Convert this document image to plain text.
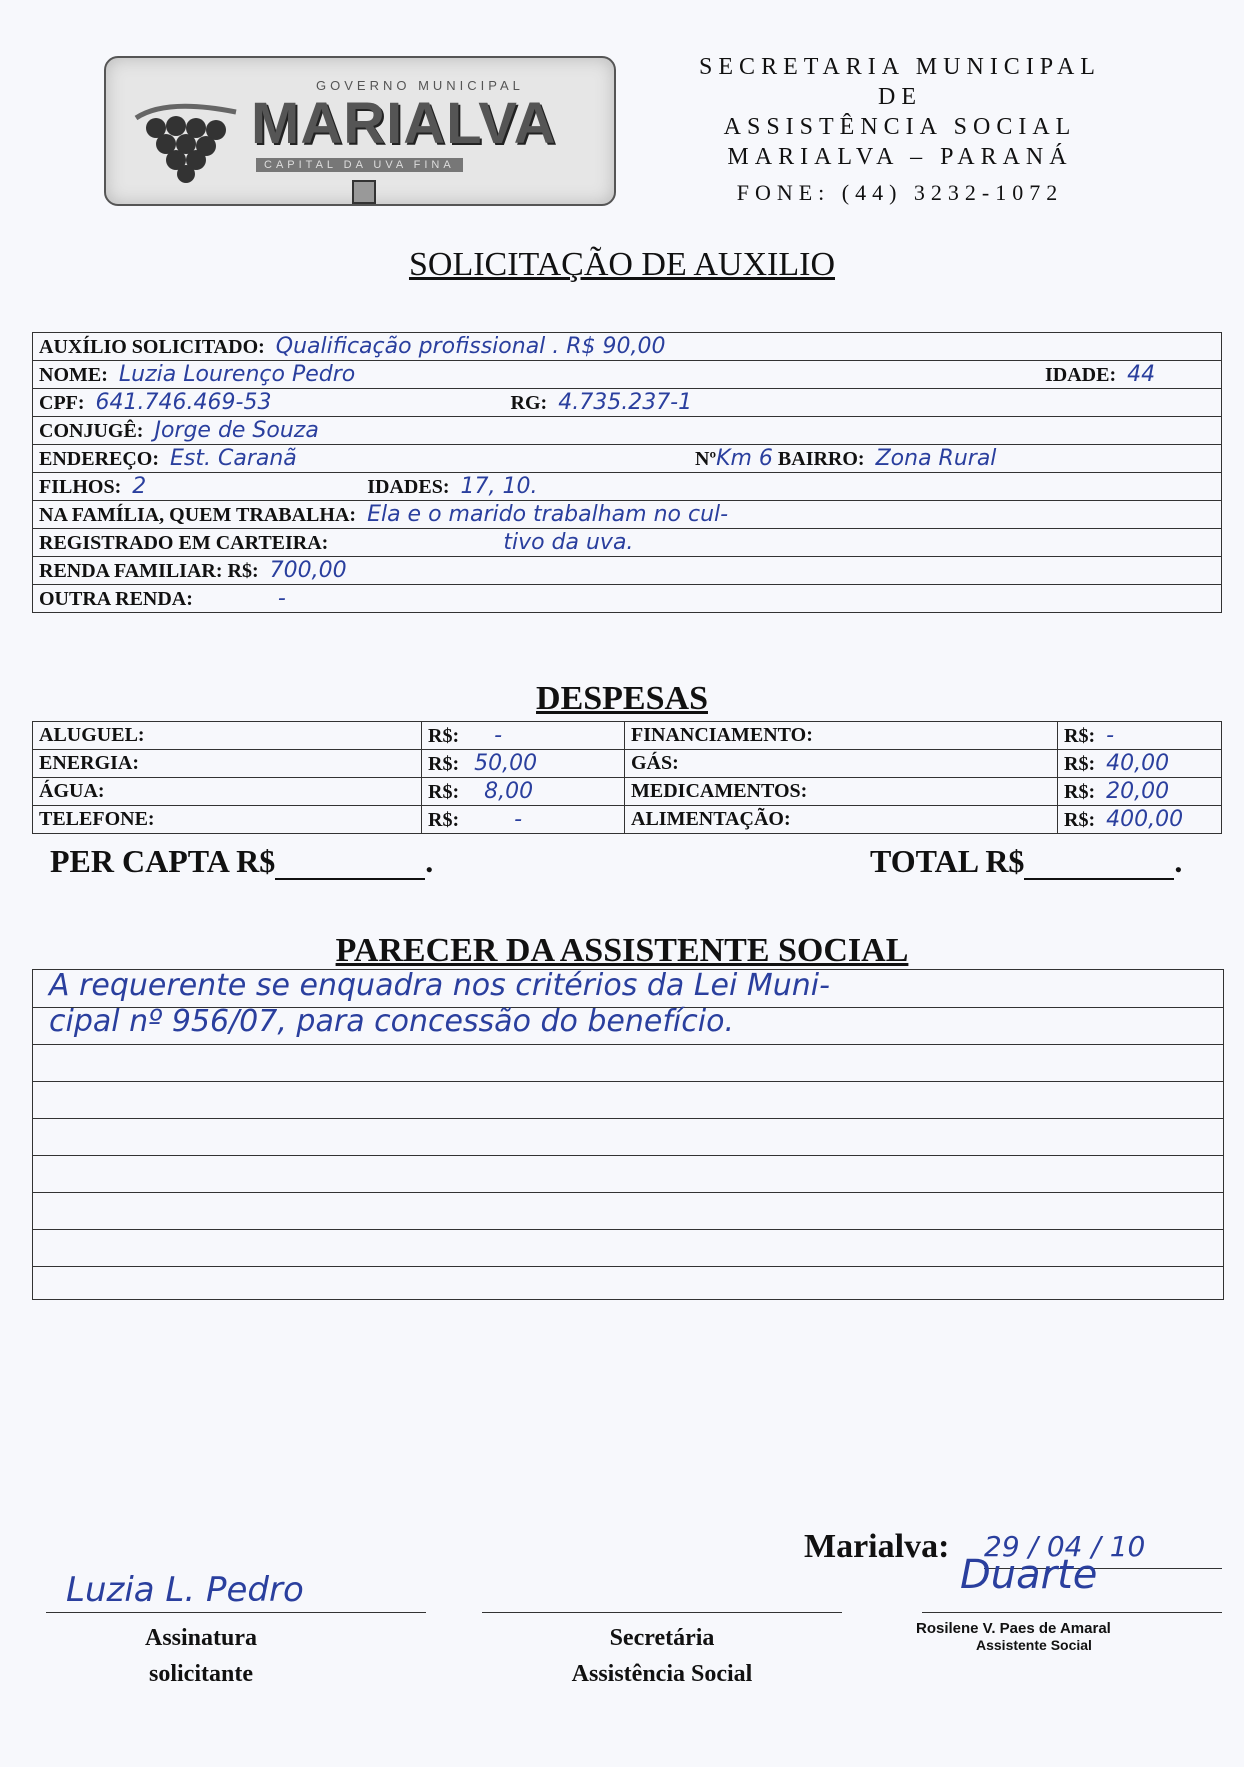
GOVERNO MUNICIPAL
MARIALVA
CAPITAL DA UVA FINA
SECRETARIA MUNICIPAL
DE
ASSISTÊNCIA SOCIAL
MARIALVA – PARANÁ
FONE: (44) 3232-1072
SOLICITAÇÃO DE AUXILIO
AUXÍLIO SOLICITADO: Qualificação profissional . R$ 90,00
NOME: Luzia Lourenço Pedro	IDADE: 44
CPF: 641.746.469-53	RG: 4.735.237-1
CONJUGÊ: Jorge de Souza
ENDEREÇO: Est. Caranã	NºKm 6 BAIRRO: Zona Rural
FILHOS: 2	IDADES: 17, 10.
NA FAMÍLIA, QUEM TRABALHA: Ela e o marido trabalham no cul-
REGISTRADO EM CARTEIRA:	tivo da uva.
RENDA FAMILIAR: R$: 700,00
OUTRA RENDA:	-
DESPESAS
ALUGUEL:	R$: -	FINANCIAMENTO:	R$: -
ENERGIA:	R$: 50,00	GÁS:	R$: 40,00
ÁGUA:	R$: 8,00	MEDICAMENTOS:	R$: 20,00
TELEFONE:	R$: -	ALIMENTAÇÃO:	R$: 400,00
PER CAPTA R$	.	TOTAL R$	.
PARECER DA ASSISTENTE SOCIAL
A requerente se enquadra nos critérios da Lei Muni-
cipal nº 956/07, para concessão do benefício.
Marialva: 29 / 04 / 10
Luzia L. Pedro
Assinatura
solicitante
Secretária
Assistência Social
Duarte
Rosilene V. Paes de Amaral
Assistente Social
